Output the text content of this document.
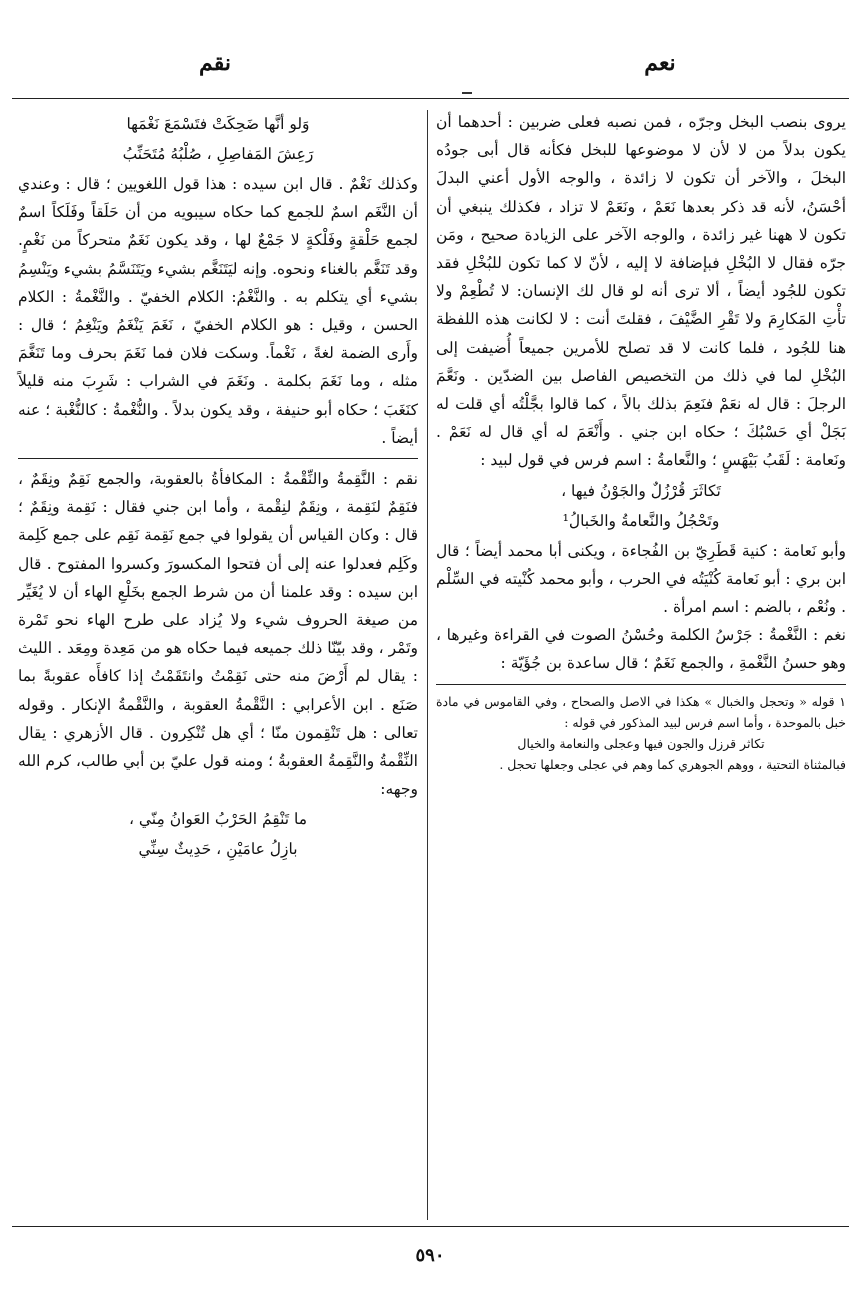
نعم
نقم

يروى بنصب البخل وجرّه ، فمن نصبه فعلى ضربين : أحدهما أن يكون بدلاً من لا لأن لا موضوعها للبخل فكأنه قال أبى جودُه البخلَ ، والآخر أن تكون لا زائدة ، والوجه الأول أعني البدلَ أحْسَنُ، لأنه قد ذكر بعدها نَعَمْ ، ونَعَمْ لا تزاد ، فكذلك ينبغي أن تكون لا ههنا غير زائدة ، والوجه الآخر على الزيادة صحيح ، ومَن جرّه فقال لا البُخْلِ فبإضافة لا إليه ، لأنّ لا كما تكون للبُخْلِ فقد تكون للجُود أيضاً ، ألا ترى أنه لو قال لك الإنسان: لا تُطْعِمْ ولا تأْتِ المَكارِمَ ولا تَقْرِ الضَّيْفَ ، فقلتَ أنت : لا لكانت هذه اللفظة هنا للجُود ، فلما كانت لا قد تصلح للأمرين جميعاً أُضيفت إلى البُخْلِ لما في ذلك من التخصيص الفاصل بين الضدّين . ونَعَّمَ الرجلَ : قال له نعَمْ فنَعِمَ بذلك بالاً ، كما قالوا بجَّلْتُه أي قلت له بَجَلْ أي حَسْبُكَ ؛ حكاه ابن جني . وأَنْعَمَ له أي قال له نَعَمْ . ونَعامة : لَقَبُ بَيْهَسٍ ؛ والنَّعامةُ : اسم فرس في قول لبيد :

تَكاثَرَ قُرْزُلٌ والجَوْنُ فيها ،
وتَحْجُلُ والنَّعامةُ والخَبالُ¹

وأبو نَعامة : كنية قَطَرِيّ بن الفُجاءة ، ويكنى أبا محمد أيضاً ؛ قال ابن بري : أبو نَعامة كُنْيَتُه في الحرب ، وأبو محمد كُنْيته في السِّلْم . ونُعْم ، بالضم : اسم امرأة .

نغم : النَّغْمةُ : جَرْسُ الكلمة وحُسْنُ الصوت في القراءة وغيرها ، وهو حسنُ النَّغْمةِ ، والجمع نَغَمٌ ؛ قال ساعدة بن جُؤَيّة :

١ قوله « وتحجل والخبال » هكذا في الاصل والصحاح ، وفي القاموس في مادة خبل بالموحدة ، وأما اسم فرس لبيد المذكور في قوله :

تكاثر قرزل والجون فيها وعجلى والنعامة والخيال

فبالمثناة التحتية ، ووهم الجوهري كما وهم في عجلى وجعلها تحجل .

وَلو أنَّها ضَحِكَتْ فتَسْمَعَ نَغْمَها
رَعِشَ المَفاصِلِ ، صُلْبُهُ مُتَحَنِّبُ

وكذلك نَغْمٌ . قال ابن سيده : هذا قول اللغويين ؛ قال : وعندي أن النَّغَم اسمٌ للجمع كما حكاه سيبويه من أن حَلَقاً وفَلَكاً اسمٌ لجمع حَلْقةٍ وفَلْكةٍ لا جَمْعٌ لها ، وقد يكون نَغَمٌ متحركاً من نَغْمٍ. وقد تَنَغَّم بالغناء ونحوه. وإنه ليَتَنَغَّم بشيء ويَتَنَسَّمُ بشيء ويَنْسِمُ بشيء أي يتكلم به . والنَّغْمُ: الكلام الخفيّ . والنَّغْمةُ : الكلام الحسن ، وقيل : هو الكلام الخفيّ ، نَغَمَ يَنْغَمُ ويَنْغِمُ ؛ قال : وأَرى الضمة لغةً ، نَغْماً. وسكت فلان فما نَغَمَ بحرف وما تَنَغَّمَ مثله ، وما نَغَمَ بكلمة . ونَغَمَ في الشراب : شَرِبَ منه قليلاً كنَغَبَ ؛ حكاه أبو حنيفة ، وقد يكون بدلاً . والنُّغْمةُ : كالنُّغْبة ؛ عنه أيضاً .

نقم : النَّقِمةُ والنِّقْمةُ : المكافأةُ بالعقوبة، والجمع نَقِمٌ ونِقَمٌ ، فنَقِمٌ لنَقِمة ، ونِقَمٌ لنِقْمة ، وأما ابن جني فقال : نَقِمة ونِقَمٌ ؛ قال : وكان القياس أن يقولوا في جمع نَقِمة نَقِم على جمع كَلِمة وكَلِم فعدلوا عنه إلى أن فتحوا المكسورَ وكسروا المفتوح . قال ابن سيده : وقد علمنا أن من شرط الجمع بخَلْعِ الهاء أن لا يُغَيِّر من صيغة الحروف شيء ولا يُزاد على طرح الهاء نحو تَمْرة وتَمْر ، وقد بيّنّا ذلك جميعه فيما حكاه هو من مَعِدة ومِعَد . الليث : يقال لم أَرْضَ منه حتى نَقِمْتُ وانتَقَمْتُ إذا كافأَه عقوبةً بما صَنَع . ابن الأعرابي : النَّقْمةُ العقوبة ، والنَّقْمةُ الإنكار . وقوله تعالى : هل تَنْقِمون منّا ؛ أي هل تُنْكِرون . قال الأزهري : يقال النِّقْمةُ والنَّقِمةُ العقوبةُ ؛ ومنه قول عليّ بن أبي طالب، كرم الله وجهه:

ما تَنْقِمُ الحَرْبُ العَوانُ مِنّي ،
بازِلُ عامَيْنِ ، حَدِيثٌ سِنِّي
٥٩٠
